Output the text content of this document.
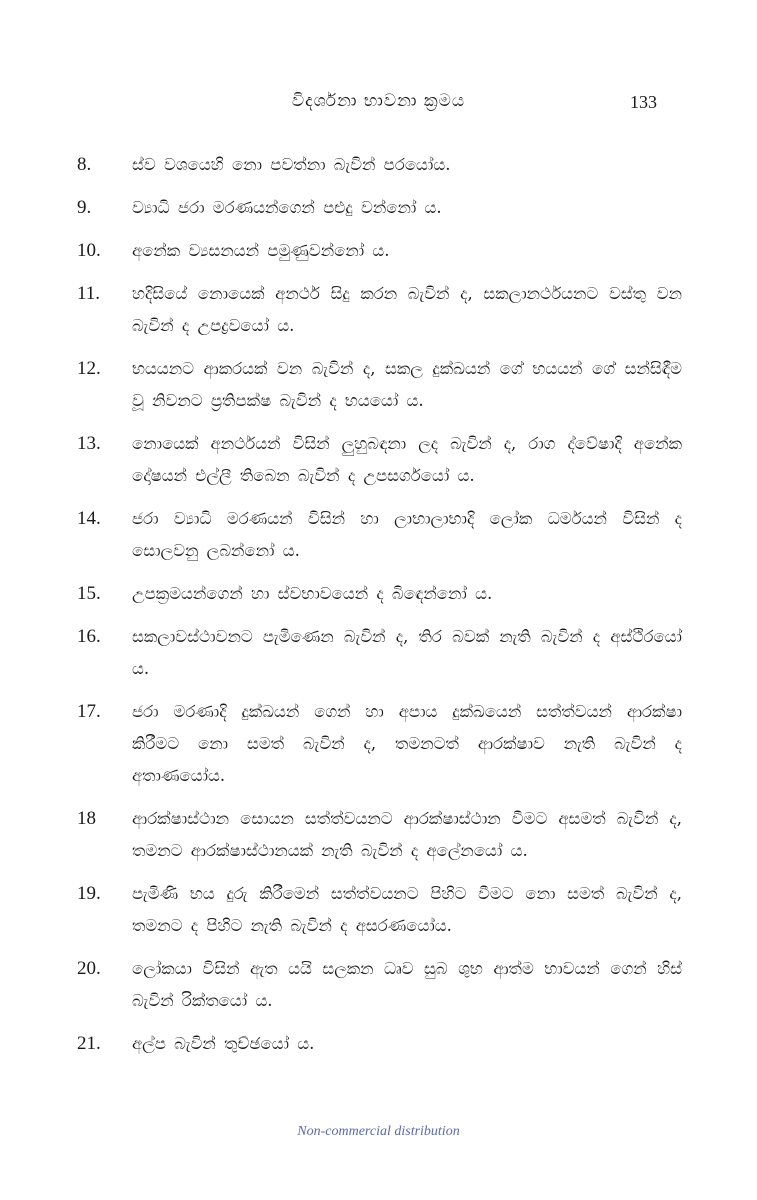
විදර්ශනා භාවනා ක්‍රමය	133
8.	ස්ව වශයෙහි නො පවත්නා බැවින් පරයෝය.
9.	ව්‍යාධි ජරා මරණයන්ගෙන් පළුදු වන්නෝ ය.
10.	අනේක ව්‍යසනයන් පමුණුවන්නෝ ය.
11.	හදිසියේ නොයෙක් අනර්ථ සිදු කරන බැවින් ද, සකලානර්ථයනට වස්තු වන බැවින් ද උපද්‍රවයෝ ය.
12.	භයයනට ආකරයක් වන බැවින් ද, සකල දුක්ඛයන් ගේ භයයන් ගේ සන්සිඳීම වූ නිවනට ප්‍රතිපක්ෂ බැවින් ද භයයෝ ය.
13.	නොයෙක් අනර්ථයන් විසින් ලුහුබඳනා ලද බැවින් ද, රාග ද්වේෂාදි අනේක දෝෂයන් එල්ලී තිබෙන බැවින් ද උපසර්ගයෝ ය.
14.	ජරා ව්‍යාධි මරණයන් විසින් හා ලාභාලාභාදි ලෝක ධර්මයන් විසින් ද සොලවනු ලබන්නෝ ය.
15.	උපක්‍රමයන්ගෙන් හා ස්වභාවයෙන් ද බිඳෙන්නෝ ය.
16.	සකලාවස්ථාවනට පැමිණෙන බැවින් ද, තිර බවක් නැති බැවින් ද අස්ථිරයෝ ය.
17.	ජරා මරණාදි දුක්ඛයන් ගෙන් හා අපාය දුක්ඛයෙන් සත්ත්වයන් ආරක්ෂා කිරීමට නො සමත් බැවින් ද, තමනටත් ආරක්ෂාව නැති බැවින් ද අතාණයෝය.
18	ආරක්ෂාස්ථාන සොයන සත්ත්වයනට ආරක්ෂාස්ථාන වීමට අසමත් බැවින් ද, තමනට ආරක්ෂාස්ථානයක් නැති බැවින් ද අලේනයෝ ය.
19.	පැමිණි භය දුරු කිරීමෙන් සත්ත්වයනට පිහිට වීමට නො සමත් බැවින් ද, තමනට ද පිහිට නැති බැවින් ද අසරණයෝය.
20.	ලෝකයා විසින් ඇත යයි සලකන ධ්‍රුව සුබ ශුභ ආත්ම භාවයන් ගෙන් හිස් බැවින් රික්තයෝ ය.
21.	අල්ප බැවින් තුච්ඡයෝ ය.
Non-commercial distribution
